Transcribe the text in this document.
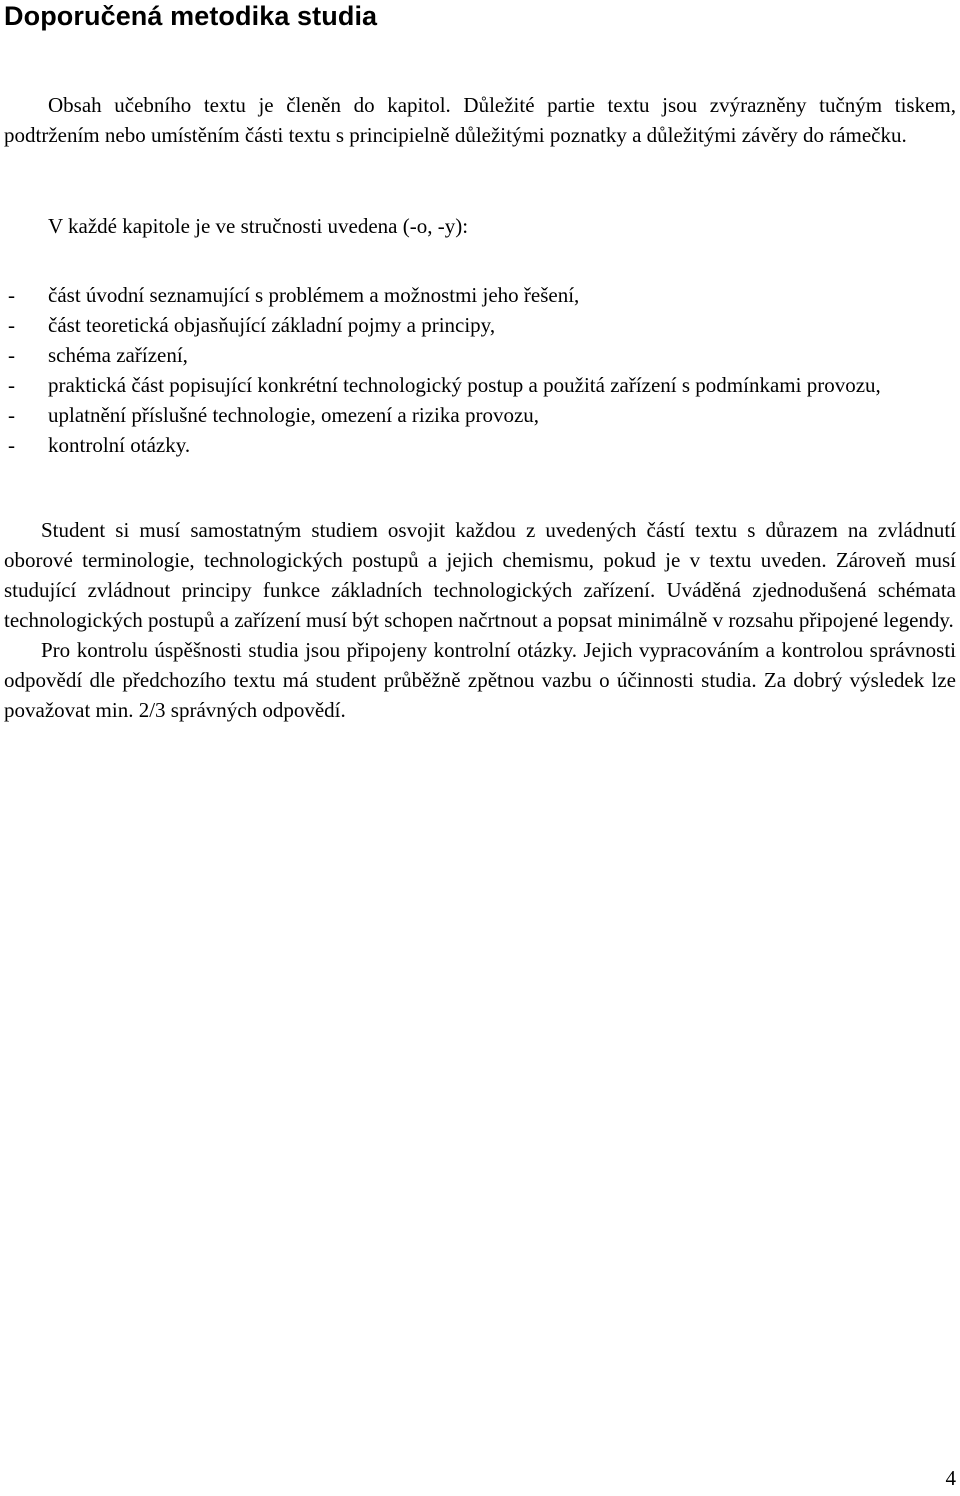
Doporučená metodika studia

Obsah učebního textu je členěn do kapitol. Důležité partie textu jsou zvýrazněny tučným tiskem, podtržením nebo umístěním části textu s principielně důležitými poznatky a důležitými závěry do rámečku.

V každé kapitole je ve stručnosti uvedena (-o, -y):

- část úvodní seznamující s problémem a možnostmi jeho řešení,
- část teoretická objasňující základní pojmy a principy,
- schéma zařízení,
- praktická část popisující konkrétní technologický postup a použitá zařízení s podmínkami provozu,
- uplatnění příslušné technologie, omezení a rizika provozu,
- kontrolní otázky.

Student si musí samostatným studiem osvojit každou z uvedených částí textu s důrazem na zvládnutí oborové terminologie, technologických postupů a jejich chemismu, pokud je v textu uveden. Zároveň musí studující zvládnout principy funkce základních technologických zařízení. Uváděná zjednodušená schémata technologických postupů a zařízení musí být schopen načrtnout a popsat minimálně v rozsahu připojené legendy.

Pro kontrolu úspěšnosti studia jsou připojeny kontrolní otázky. Jejich vypracováním a kontrolou správnosti odpovědí dle předchozího textu má student průběžně zpětnou vazbu o účinnosti studia. Za dobrý výsledek lze považovat min. 2/3 správných odpovědí.

4
